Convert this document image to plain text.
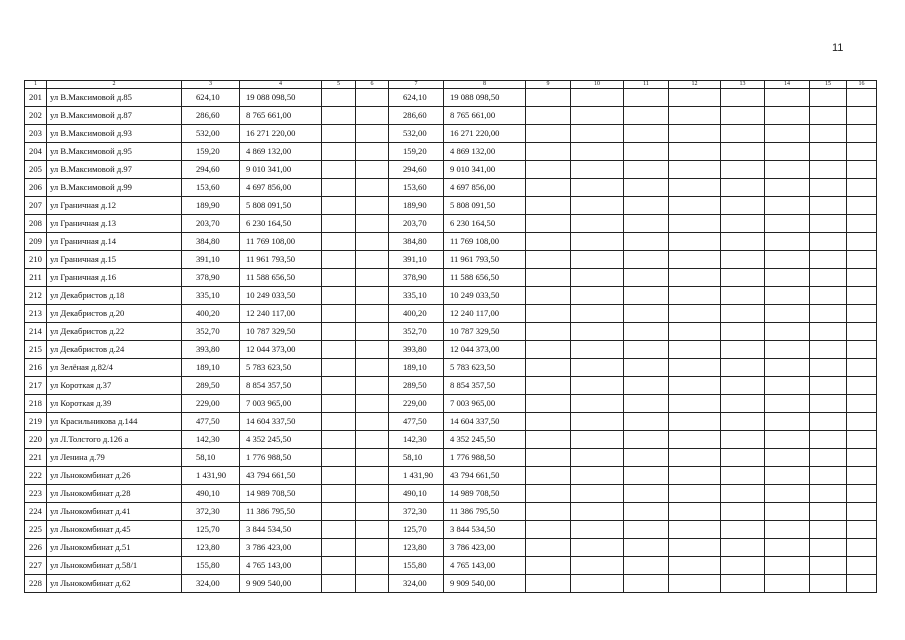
11
1	2	3	4	5	6	7	8	9	10	11	12	13	14	15	16
201	ул В.Максимовой д.85	624,10	19 088 098,50			624,10	19 088 098,50								
202	ул В.Максимовой д.87	286,60	8 765 661,00			286,60	8 765 661,00								
203	ул В.Максимовой д.93	532,00	16 271 220,00			532,00	16 271 220,00								
204	ул В.Максимовой д.95	159,20	4 869 132,00			159,20	4 869 132,00								
205	ул В.Максимовой д.97	294,60	9 010 341,00			294,60	9 010 341,00								
206	ул В.Максимовой д.99	153,60	4 697 856,00			153,60	4 697 856,00								
207	ул Граничная д.12	189,90	5 808 091,50			189,90	5 808 091,50								
208	ул Граничная д.13	203,70	6 230 164,50			203,70	6 230 164,50								
209	ул Граничная д.14	384,80	11 769 108,00			384,80	11 769 108,00								
210	ул Граничная д.15	391,10	11 961 793,50			391,10	11 961 793,50								
211	ул Граничная д.16	378,90	11 588 656,50			378,90	11 588 656,50								
212	ул Декабристов д.18	335,10	10 249 033,50			335,10	10 249 033,50								
213	ул Декабристов д.20	400,20	12 240 117,00			400,20	12 240 117,00								
214	ул Декабристов д.22	352,70	10 787 329,50			352,70	10 787 329,50								
215	ул Декабристов д.24	393,80	12 044 373,00			393,80	12 044 373,00								
216	ул Зелёная д.82/4	189,10	5 783 623,50			189,10	5 783 623,50								
217	ул Короткая д.37	289,50	8 854 357,50			289,50	8 854 357,50								
218	ул Короткая д.39	229,00	7 003 965,00			229,00	7 003 965,00								
219	ул Красильникова д.144	477,50	14 604 337,50			477,50	14 604 337,50								
220	ул Л.Толстого д.126 а	142,30	4 352 245,50			142,30	4 352 245,50								
221	ул Ленина д.79	58,10	1 776 988,50			58,10	1 776 988,50								
222	ул Льнокомбинат д.26	1 431,90	43 794 661,50			1 431,90	43 794 661,50								
223	ул Льнокомбинат д.28	490,10	14 989 708,50			490,10	14 989 708,50								
224	ул Льнокомбинат д.41	372,30	11 386 795,50			372,30	11 386 795,50								
225	ул Льнокомбинат д.45	125,70	3 844 534,50			125,70	3 844 534,50								
226	ул Льнокомбинат д.51	123,80	3 786 423,00			123,80	3 786 423,00								
227	ул Льнокомбинат д.58/1	155,80	4 765 143,00			155,80	4 765 143,00								
228	ул Льнокомбинат д.62	324,00	9 909 540,00			324,00	9 909 540,00								
